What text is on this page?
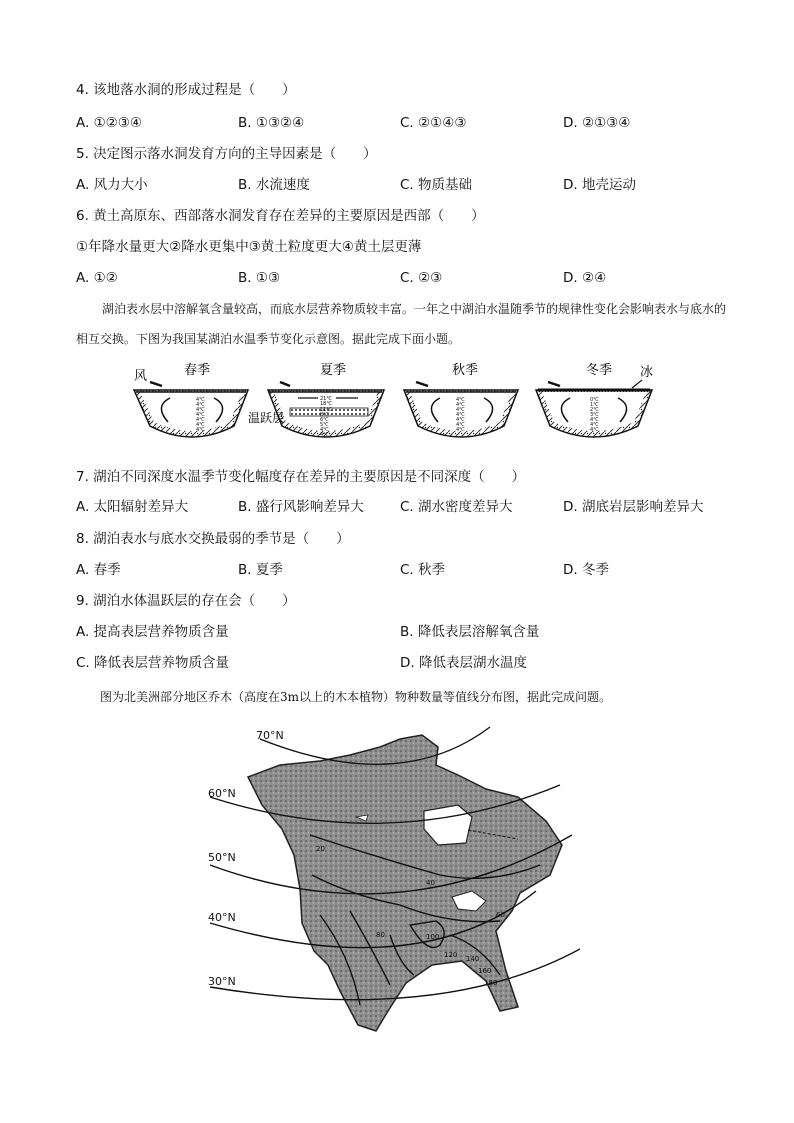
4. 该地落水洞的形成过程是（　　）
A. ①②③④	B. ①③②④	C. ②①④③	D. ②①③④
5. 决定图示落水洞发育方向的主导因素是（　　）
A. 风力大小	B. 水流速度	C. 物质基础	D. 地壳运动
6. 黄土高原东、西部落水洞发育存在差异的主要原因是西部（　　）
①年降水量更大②降水更集中③黄土粒度更大④黄土层更薄
A. ①②	B. ①③	C. ②③	D. ②④
湖泊表水层中溶解氧含量较高，而底水层营养物质较丰富。一年之中湖泊水温随季节的规律性变化会影响表水与底水的相互交换。下图为我国某湖泊水温季节变化示意图。据此完成下面小题。
4℃
4℃
4℃
4℃
4℃
4℃
4℃
风	春季
21℃
18℃
11℃
8℃
6℃
5℃
4℃
4℃
夏季
温跃层
4℃
4℃
4℃
4℃
4℃
4℃
4℃
秋季
0℃
1℃
2℃
3℃
4℃
4℃
4℃
冬季 冰
7. 湖泊不同深度水温季节变化幅度存在差异的主要原因是不同深度（　　）
A. 太阳辐射差异大	B. 盛行风影响差异大	C. 湖水密度差异大	D. 湖底岩层影响差异大
8. 湖泊表水与底水交换最弱的季节是（　　）
A. 春季	B. 夏季	C. 秋季	D. 冬季
9. 湖泊水体温跃层的存在会（　　）
A. 提高表层营养物质含量	B. 降低表层溶解氧含量
C. 降低表层营养物质含量	D. 降低表层湖水温度
图为北美洲部分地区乔木（高度在3m以上的木本植物）物种数量等值线分布图，据此完成问题。
70°N
60°N
50°N
40°N
30°N
20
40
60
80	100
120 140
160
180
